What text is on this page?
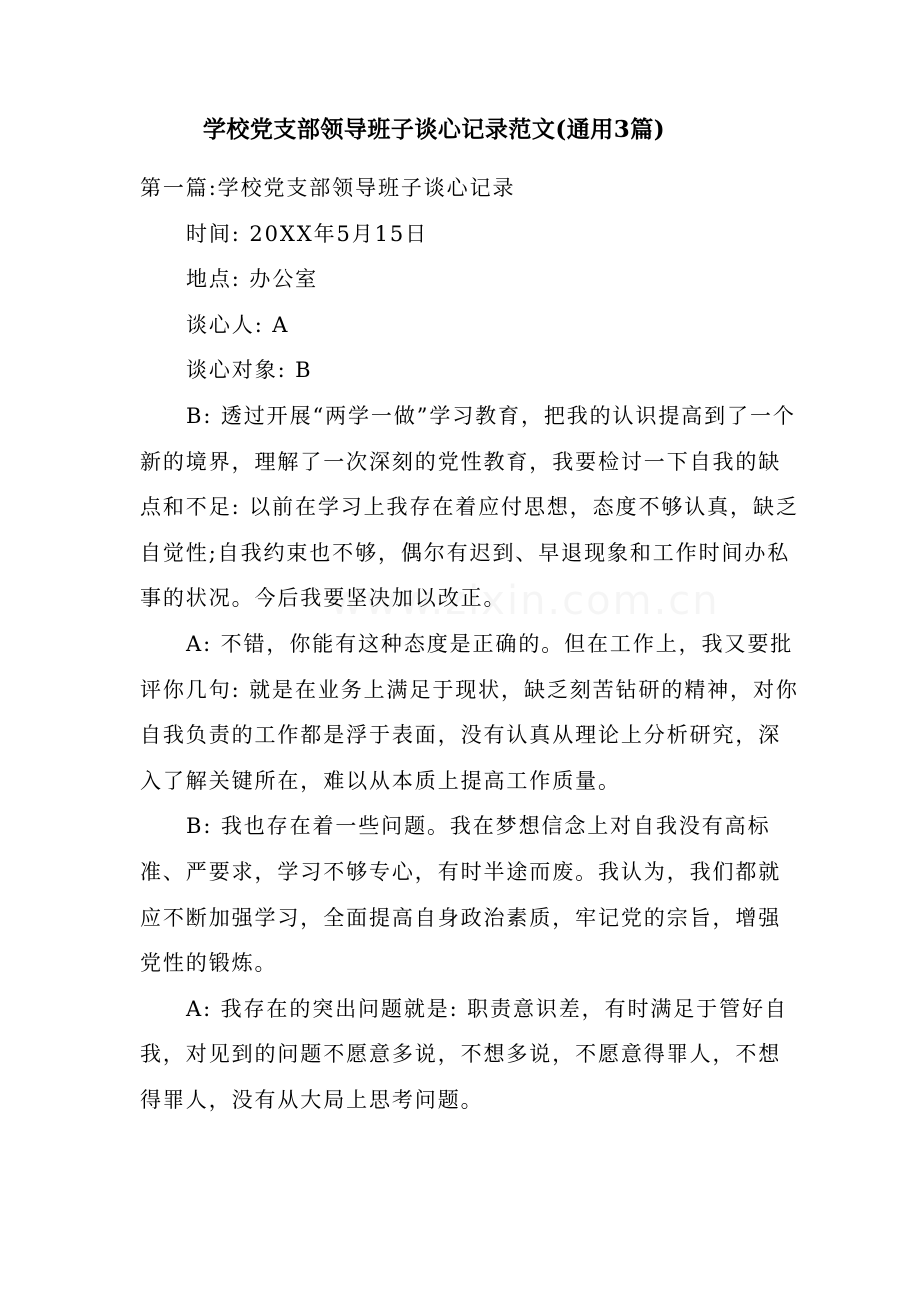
学校党支部领导班子谈心记录范文(通用3篇)

第一篇:学校党支部领导班子谈心记录

时间: 20XX年5月15日

地点: 办公室

谈心人: A

谈心对象: B

B: 透过开展“两学一做”学习教育，把我的认识提高到了一个新的境界，理解了一次深刻的党性教育，我要检讨一下自我的缺点和不足: 以前在学习上我存在着应付思想，态度不够认真，缺乏自觉性;自我约束也不够，偶尔有迟到、早退现象和工作时间办私事的状况。今后我要坚决加以改正。

A: 不错，你能有这种态度是正确的。但在工作上，我又要批评你几句: 就是在业务上满足于现状，缺乏刻苦钻研的精神，对你自我负责的工作都是浮于表面，没有认真从理论上分析研究，深入了解关键所在，难以从本质上提高工作质量。

B: 我也存在着一些问题。我在梦想信念上对自我没有高标准、严要求，学习不够专心，有时半途而废。我认为，我们都就应不断加强学习，全面提高自身政治素质，牢记党的宗旨，增强党性的锻炼。

A: 我存在的突出问题就是: 职责意识差，有时满足于管好自我，对见到的问题不愿意多说，不想多说，不愿意得罪人，不想得罪人，没有从大局上思考问题。
